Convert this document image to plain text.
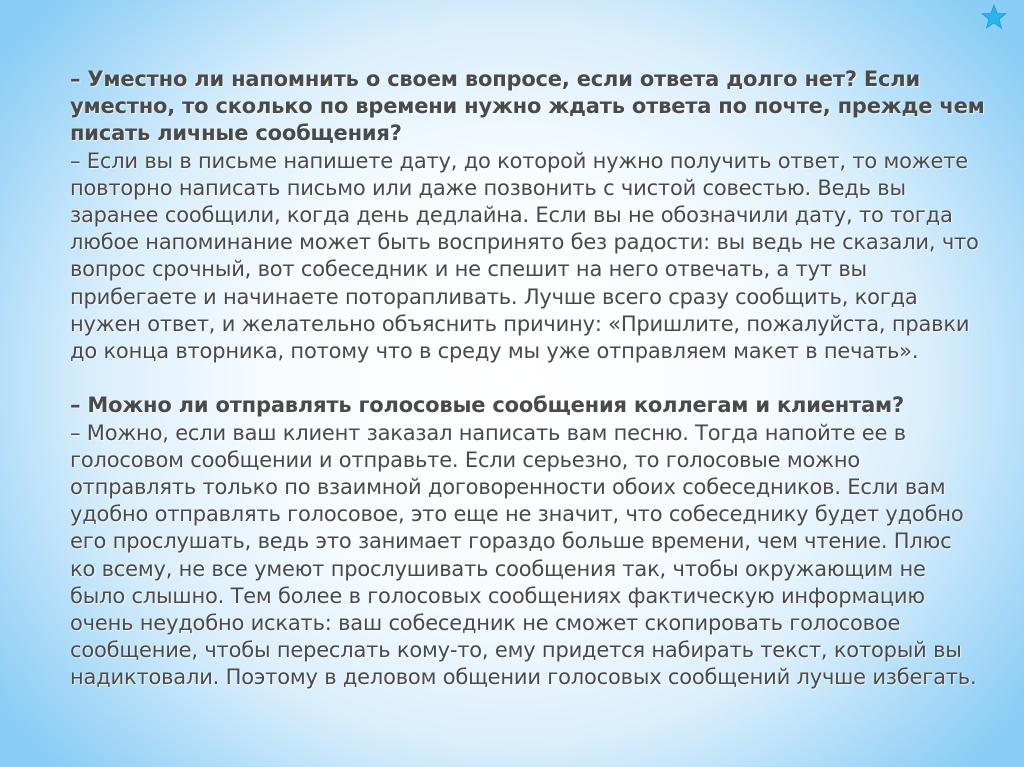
– Уместно ли напомнить о своем вопросе, если ответа долго нет? Если
уместно, то сколько по времени нужно ждать ответа по почте, прежде чем
писать личные сообщения?
– Если вы в письме напишете дату, до которой нужно получить ответ, то можете
повторно написать письмо или даже позвонить с чистой совестью. Ведь вы
заранее сообщили, когда день дедлайна. Если вы не обозначили дату, то тогда
любое напоминание может быть воспринято без радости: вы ведь не сказали, что
вопрос срочный, вот собеседник и не спешит на него отвечать, а тут вы
прибегаете и начинаете поторапливать. Лучше всего сразу сообщить, когда
нужен ответ, и желательно объяснить причину: «Пришлите, пожалуйста, правки
до конца вторника, потому что в среду мы уже отправляем макет в печать».
– Можно ли отправлять голосовые сообщения коллегам и клиентам?
– Можно, если ваш клиент заказал написать вам песню. Тогда напойте ее в
голосовом сообщении и отправьте. Если серьезно, то голосовые можно
отправлять только по взаимной договоренности обоих собеседников. Если вам
удобно отправлять голосовое, это еще не значит, что собеседнику будет удобно
его прослушать, ведь это занимает гораздо больше времени, чем чтение. Плюс
ко всему, не все умеют прослушивать сообщения так, чтобы окружающим не
было слышно. Тем более в голосовых сообщениях фактическую информацию
очень неудобно искать: ваш собеседник не сможет скопировать голосовое
сообщение, чтобы переслать кому-то, ему придется набирать текст, который вы
надиктовали. Поэтому в деловом общении голосовых сообщений лучше избегать.
